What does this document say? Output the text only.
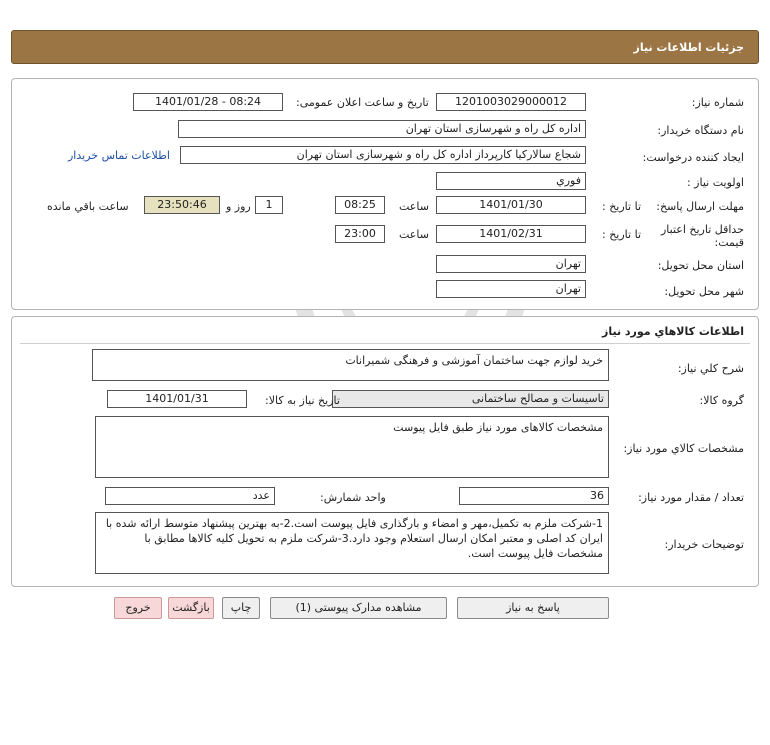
جزئیات اطلاعات نیاز
شماره نیاز:
1201003029000012
تاریخ و ساعت اعلان عمومی:
1401/01/28 - 08:24
نام دستگاه خریدار:
اداره کل راه و شهرسازی استان تهران
ایجاد کننده درخواست:
شجاع سالارکیا کارپرداز اداره کل راه و شهرسازی استان تهران
اطلاعات تماس خریدار
اولویت نیاز :
فوري
مهلت ارسال پاسخ:
تا تاریخ :
1401/01/30
ساعت
08:25
1
روز و
23:50:46
ساعت باقي مانده
حداقل تاریخ اعتبار قیمت:
تا تاریخ :
1401/02/31
ساعت
23:00
استان محل تحویل:
تهران
شهر محل تحویل:
تهران
اطلاعات کالاهاي مورد نياز
شرح کلي نياز:
خرید لوازم جهت ساختمان آموزشی و فرهنگی شمیرانات
گروه کالا:
تاسیسات و مصالح ساختمانی
تاريخ نياز به کالا:
1401/01/31
مشخصات کالاي مورد نياز:
مشخصات کالاهای مورد نیاز طبق فایل پیوست
تعداد / مقدار مورد نیاز:
36
واحد شمارش:
عدد
توضیحات خریدار:
1-شرکت ملزم به تکمیل،مهر و امضاء و بارگذاری فایل پیوست است.2-به بهترین پیشنهاد متوسط ارائه شده با ایران کد اصلی و معتبر امکان ارسال استعلام وجود دارد.3-شرکت ملزم به تحویل کلیه کالاها مطابق با مشخصات فایل پیوست است.
پاسخ به نیاز
مشاهده مدارک پیوستی (1)
چاپ
بازگشت
خروج
